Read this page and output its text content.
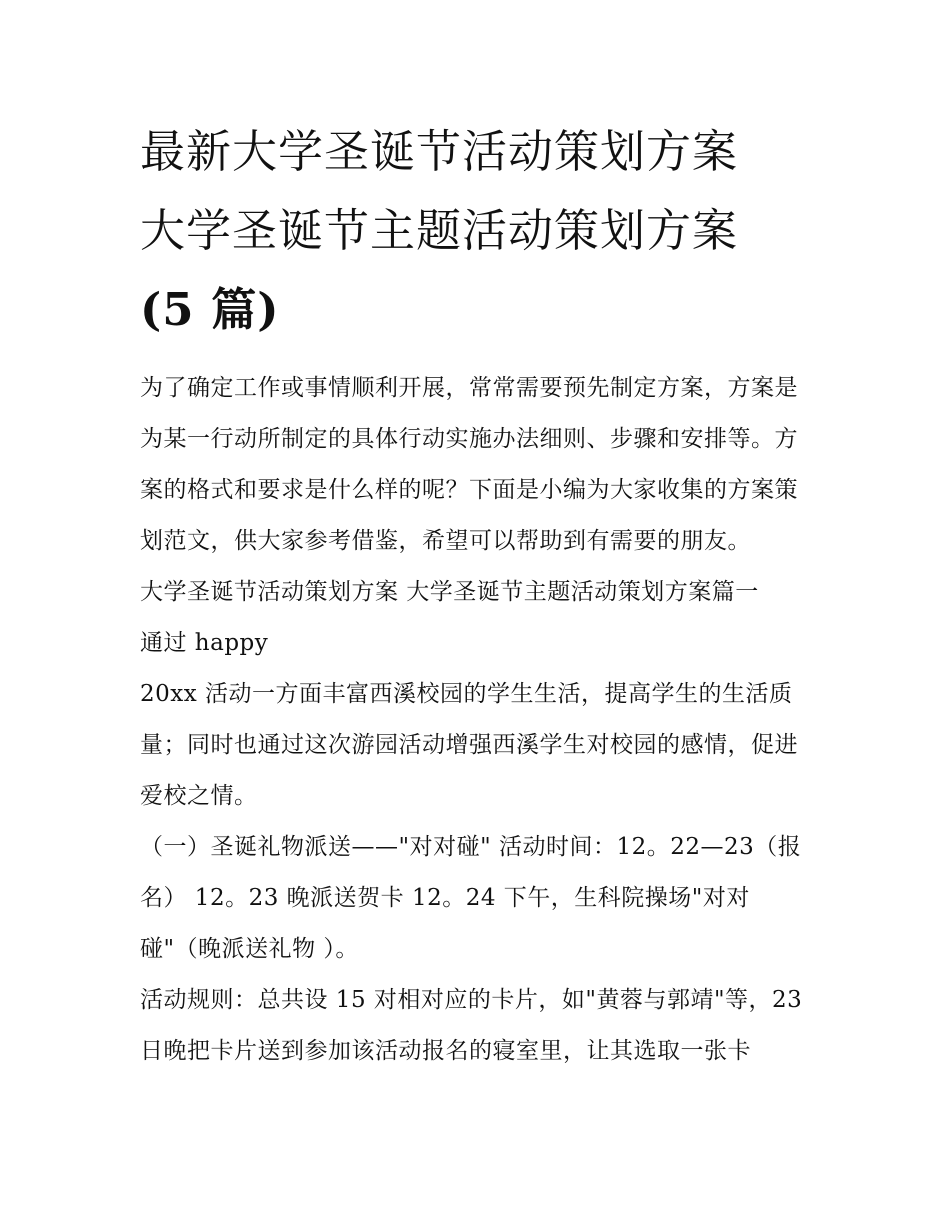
最新大学圣诞节活动策划方案
大学圣诞节主题活动策划方案
(5 篇)

为了确定工作或事情顺利开展，常常需要预先制定方案，方案是为某一行动所制定的具体行动实施办法细则、步骤和安排等。方案的格式和要求是什么样的呢？下面是小编为大家收集的方案策划范文，供大家参考借鉴，希望可以帮助到有需要的朋友。

大学圣诞节活动策划方案 大学圣诞节主题活动策划方案篇一

通过 happy

20xx 活动一方面丰富西溪校园的学生生活，提高学生的生活质量；同时也通过这次游园活动增强西溪学生对校园的感情，促进爱校之情。

（一）圣诞礼物派送——"对对碰" 活动时间：12。22—23（报名） 12。23 晚派送贺卡 12。24 下午，生科院操场"对对碰"（晚派送礼物 ）。

活动规则：总共设 15 对相对应的卡片，如"黄蓉与郭靖"等，23 日晚把卡片送到参加该活动报名的寝室里，让其选取一张卡
